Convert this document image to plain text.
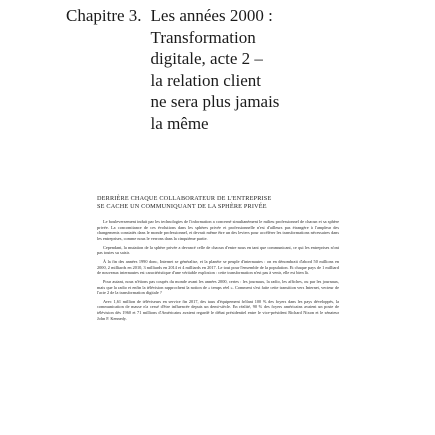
Chapitre 3. Les années 2000 :
Transformation
digitale, acte 2 –
la relation client
ne sera plus jamais
la même
DERRIÈRE CHAQUE COLLABORATEUR DE L'ENTREPRISE
SE CACHE UN COMMUNIQUANT DE LA SPHÈRE PRIVÉE

Le bouleversement induit par les technologies de l'information a concerné simultanément le milieu professionnel de chacun et sa sphère privée. La concomitance de ces évolutions dans les sphères privée et professionnelle n'est d'ailleurs pas étrangère à l'ampleur des changements constatés dans le monde professionnel, et devrait même être un des leviers pour accélérer les transformations nécessaires dans les entreprises, comme nous le verrons dans la cinquième partie.

Cependant, la mutation de la sphère privée a devancé celle de chacun d'entre nous en tant que communicant, ce qui les entreprises n'ont pas toutes su saisir.

À la fin des années 1990 donc, Internet se généralise, et la planète se peuple d'internautes : on en dénombrait d'abord 50 millions en 2000, 2 milliards en 2010, 3 milliards en 2014 et 4 milliards en 2017. Le tout pour l'ensemble de la population. Et chaque pays de 1 milliard de nouveaux internautes est caractéristique d'une véritable explosion : cette transformation n'est pas à venir, elle est bien là.

Pour autant, nous n'étions pas coupés du monde avant les années 2000, certes : les journaux, la radio, les affiches, ou par les journaux, mais que la radio et enfin la télévision rapprochent la notion de « temps réel ». Comment s'est faite cette transition vers Internet, vecteur de l'acte 2 de la transformation digitale ?

Avec 1,61 million de téléviseurs en service fin 2017, des taux d'équipement frôlant 100 % des foyers dans les pays développés, la communication de masse n'a cessé d'être influencée depuis un demi-siècle. En réalité, 90 % des foyers américains avaient un poste de télévision dès 1960 et 71 millions d'Américains avaient regardé le débat présidentiel entre le vice-président Richard Nixon et le sénateur John F. Kennedy.
